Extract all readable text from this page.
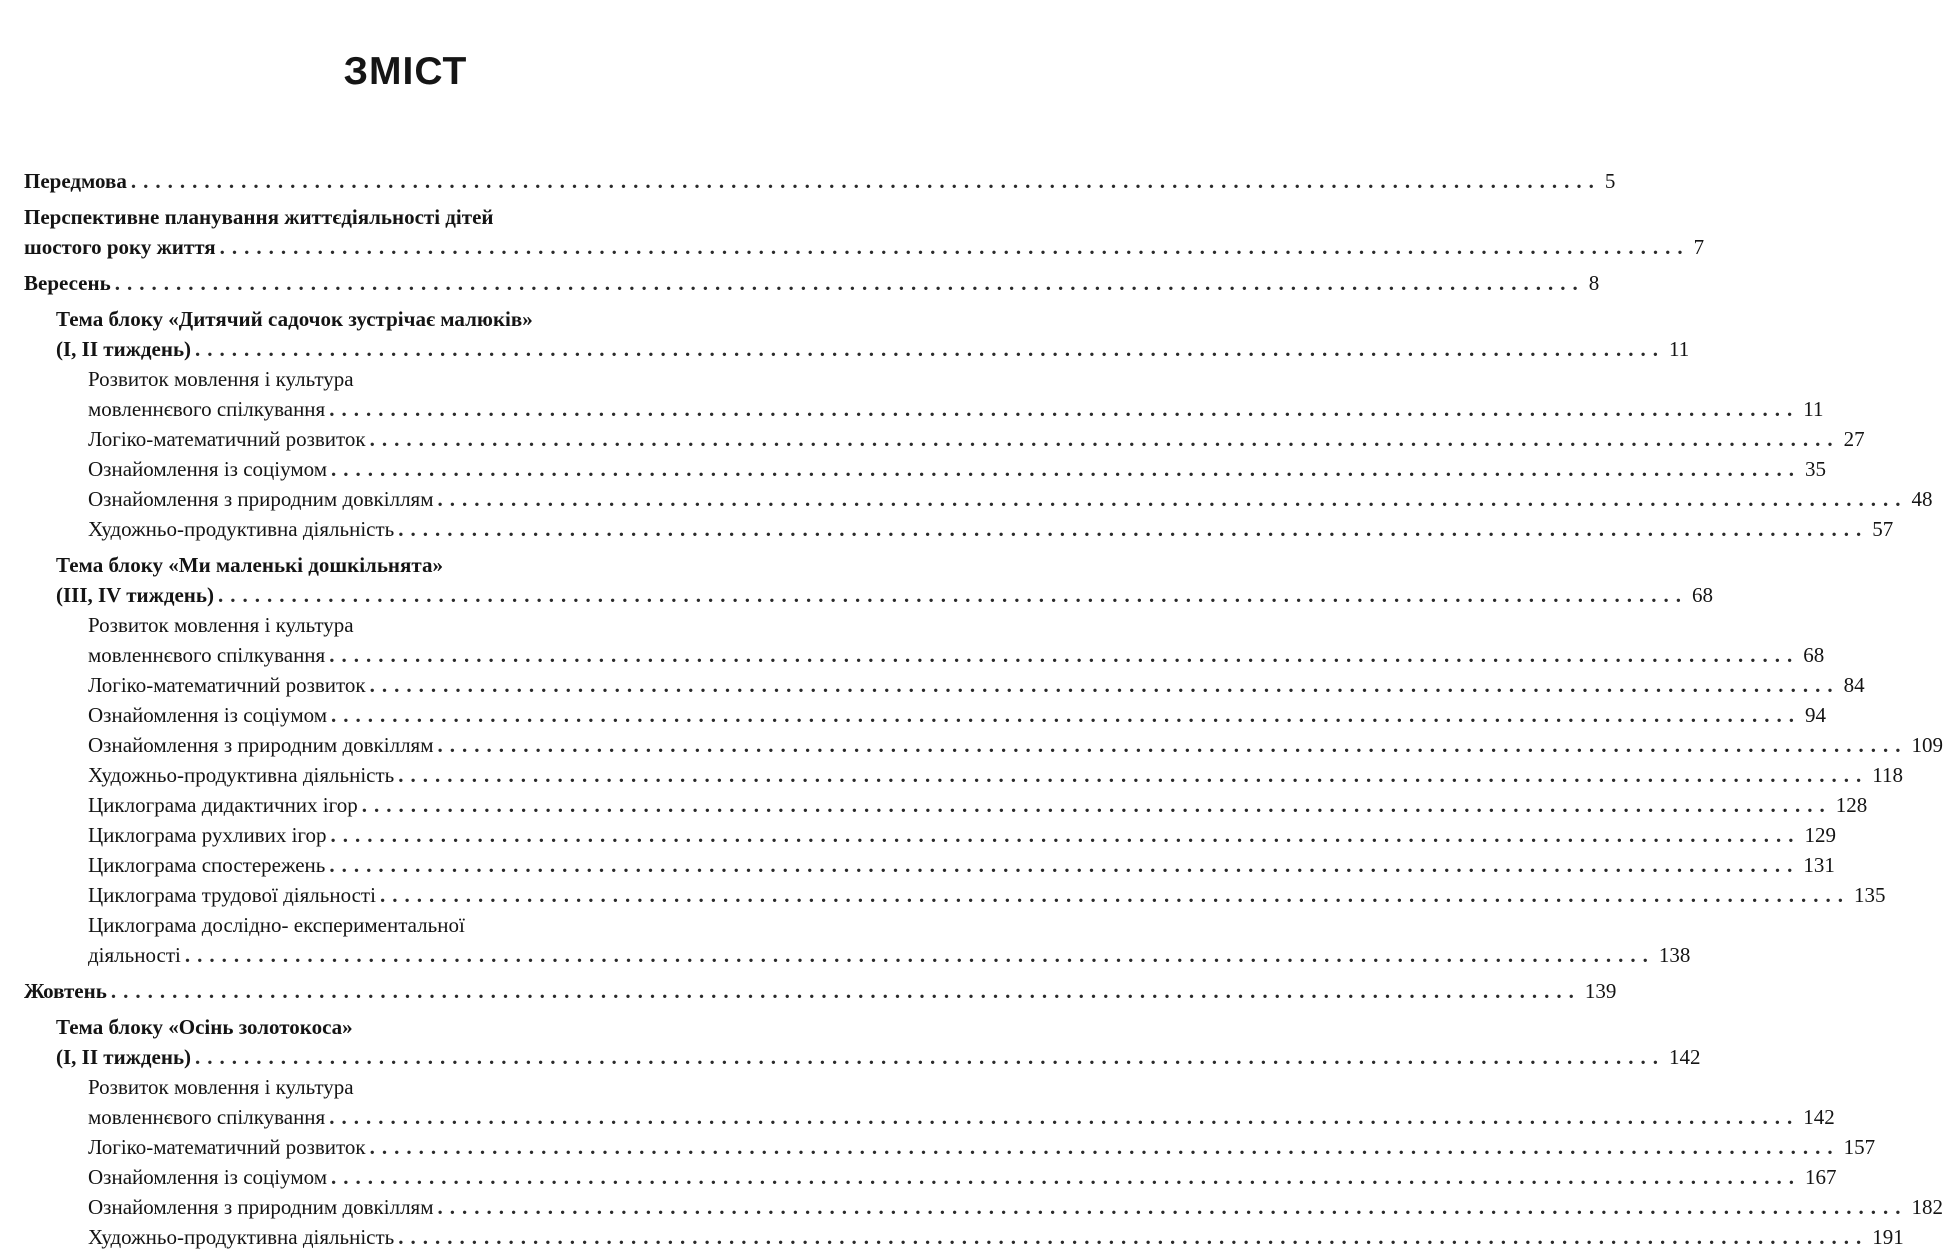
ЗМІСТ
Передмова ........................................................................................................................ 5
Перспективне планування життєдіяльності дітей
шостого року життя ........................................................................................................................ 7
Вересень ........................................................................................................................ 8
Тема блоку «Дитячий садочок зустрічає малюків»
(І, ІІ тиждень) ........................................................................................................................ 11
Розвиток мовлення і культура
мовленнєвого спілкування ........................................................................................................................ 11
Логіко-математичний розвиток ........................................................................................................................ 27
Ознайомлення із соціумом ........................................................................................................................ 35
Ознайомлення з природним довкіллям ........................................................................................................................ 48
Художньо-продуктивна діяльність ........................................................................................................................ 57
Тема блоку «Ми маленькі дошкільнята»
(ІІІ, IV тиждень) ........................................................................................................................ 68
Розвиток мовлення і культура
мовленнєвого спілкування ........................................................................................................................ 68
Логіко-математичний розвиток ........................................................................................................................ 84
Ознайомлення із соціумом ........................................................................................................................ 94
Ознайомлення з природним довкіллям ........................................................................................................................ 109
Художньо-продуктивна діяльність ........................................................................................................................ 118
Циклограма дидактичних ігор ........................................................................................................................ 128
Циклограма рухливих ігор ........................................................................................................................ 129
Циклограма спостережень ........................................................................................................................ 131
Циклограма трудової діяльності ........................................................................................................................ 135
Циклограма дослідно- експериментальної
діяльності ........................................................................................................................ 138
Жовтень ........................................................................................................................ 139
Тема блоку «Осінь золотокоса»
(І, ІІ тиждень) ........................................................................................................................ 142
Розвиток мовлення і культура
мовленнєвого спілкування ........................................................................................................................ 142
Логіко-математичний розвиток ........................................................................................................................ 157
Ознайомлення із соціумом ........................................................................................................................ 167
Ознайомлення з природним довкіллям ........................................................................................................................ 182
Художньо-продуктивна діяльність ........................................................................................................................ 191
